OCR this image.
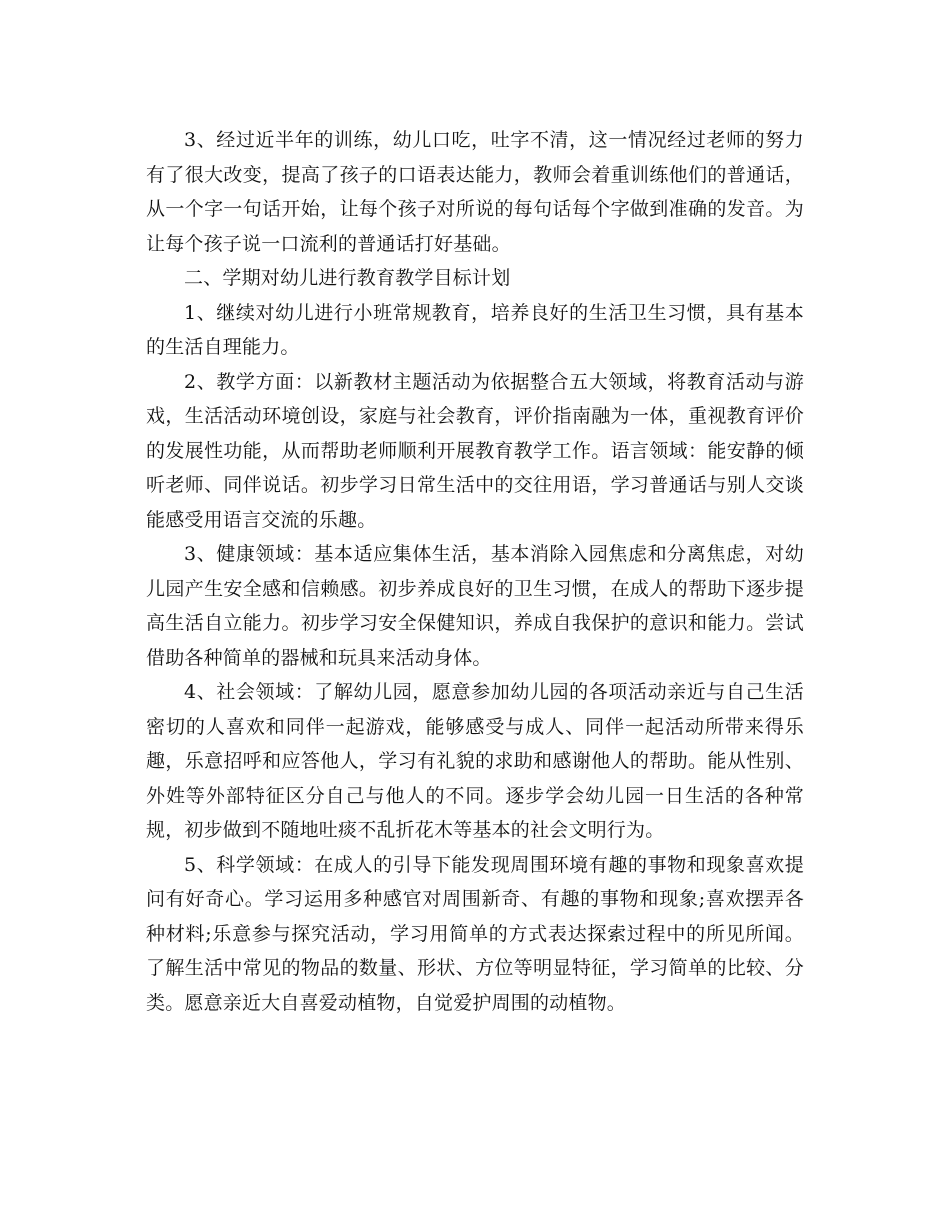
3、经过近半年的训练，幼儿口吃，吐字不清，这一情况经过老师的努力有了很大改变，提高了孩子的口语表达能力，教师会着重训练他们的普通话，从一个字一句话开始，让每个孩子对所说的每句话每个字做到准确的发音。为让每个孩子说一口流利的普通话打好基础。

二、学期对幼儿进行教育教学目标计划

1、继续对幼儿进行小班常规教育，培养良好的生活卫生习惯，具有基本的生活自理能力。

2、教学方面：以新教材主题活动为依据整合五大领域，将教育活动与游戏，生活活动环境创设，家庭与社会教育，评价指南融为一体，重视教育评价的发展性功能，从而帮助老师顺利开展教育教学工作。语言领域：能安静的倾听老师、同伴说话。初步学习日常生活中的交往用语，学习普通话与别人交谈能感受用语言交流的乐趣。

3、健康领域：基本适应集体生活，基本消除入园焦虑和分离焦虑，对幼儿园产生安全感和信赖感。初步养成良好的卫生习惯，在成人的帮助下逐步提高生活自立能力。初步学习安全保健知识，养成自我保护的意识和能力。尝试借助各种简单的器械和玩具来活动身体。

4、社会领域：了解幼儿园，愿意参加幼儿园的各项活动亲近与自己生活密切的人喜欢和同伴一起游戏，能够感受与成人、同伴一起活动所带来得乐趣，乐意招呼和应答他人，学习有礼貌的求助和感谢他人的帮助。能从性别、外姓等外部特征区分自己与他人的不同。逐步学会幼儿园一日生活的各种常规，初步做到不随地吐痰不乱折花木等基本的社会文明行为。

5、科学领域：在成人的引导下能发现周围环境有趣的事物和现象喜欢提问有好奇心。学习运用多种感官对周围新奇、有趣的事物和现象;喜欢摆弄各种材料;乐意参与探究活动，学习用简单的方式表达探索过程中的所见所闻。了解生活中常见的物品的数量、形状、方位等明显特征，学习简单的比较、分类。愿意亲近大自喜爱动植物，自觉爱护周围的动植物。
